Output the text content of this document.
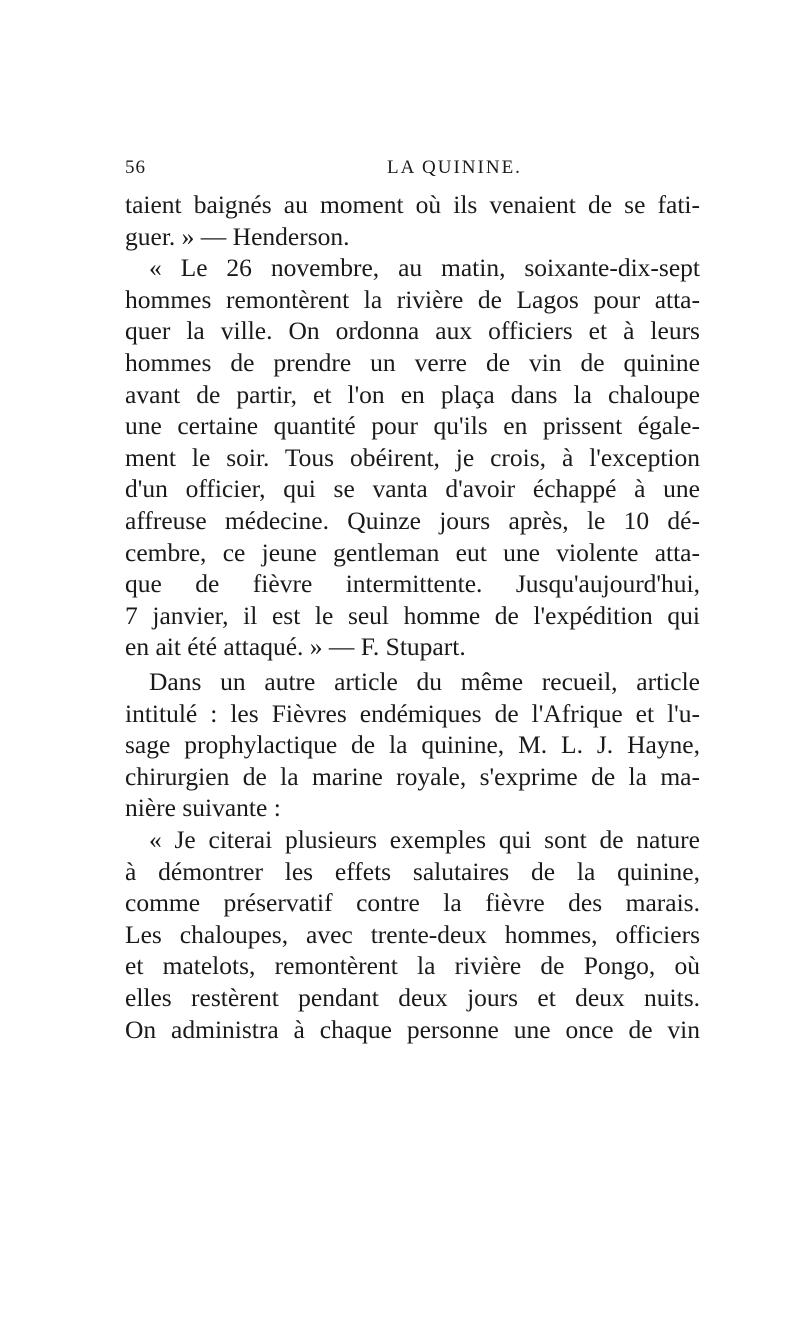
56	LA QUININE.
taient baignés au moment où ils venaient de se fati-
guer. » — Henderson.
« Le 26 novembre, au matin, soixante-dix-sept
hommes remontèrent la rivière de Lagos pour atta-
quer la ville. On ordonna aux officiers et à leurs
hommes de prendre un verre de vin de quinine
avant de partir, et l'on en plaça dans la chaloupe
une certaine quantité pour qu'ils en prissent égale-
ment le soir. Tous obéirent, je crois, à l'exception
d'un officier, qui se vanta d'avoir échappé à une
affreuse médecine. Quinze jours après, le 10 dé-
cembre, ce jeune gentleman eut une violente atta-
que de fièvre intermittente. Jusqu'aujourd'hui,
7 janvier, il est le seul homme de l'expédition qui
en ait été attaqué. » — F. Stupart.
Dans un autre article du même recueil, article
intitulé : les Fièvres endémiques de l'Afrique et l'u-
sage prophylactique de la quinine, M. L. J. Hayne,
chirurgien de la marine royale, s'exprime de la ma-
nière suivante :
« Je citerai plusieurs exemples qui sont de nature
à démontrer les effets salutaires de la quinine,
comme préservatif contre la fièvre des marais.
Les chaloupes, avec trente-deux hommes, officiers
et matelots, remontèrent la rivière de Pongo, où
elles restèrent pendant deux jours et deux nuits.
On administra à chaque personne une once de vin
